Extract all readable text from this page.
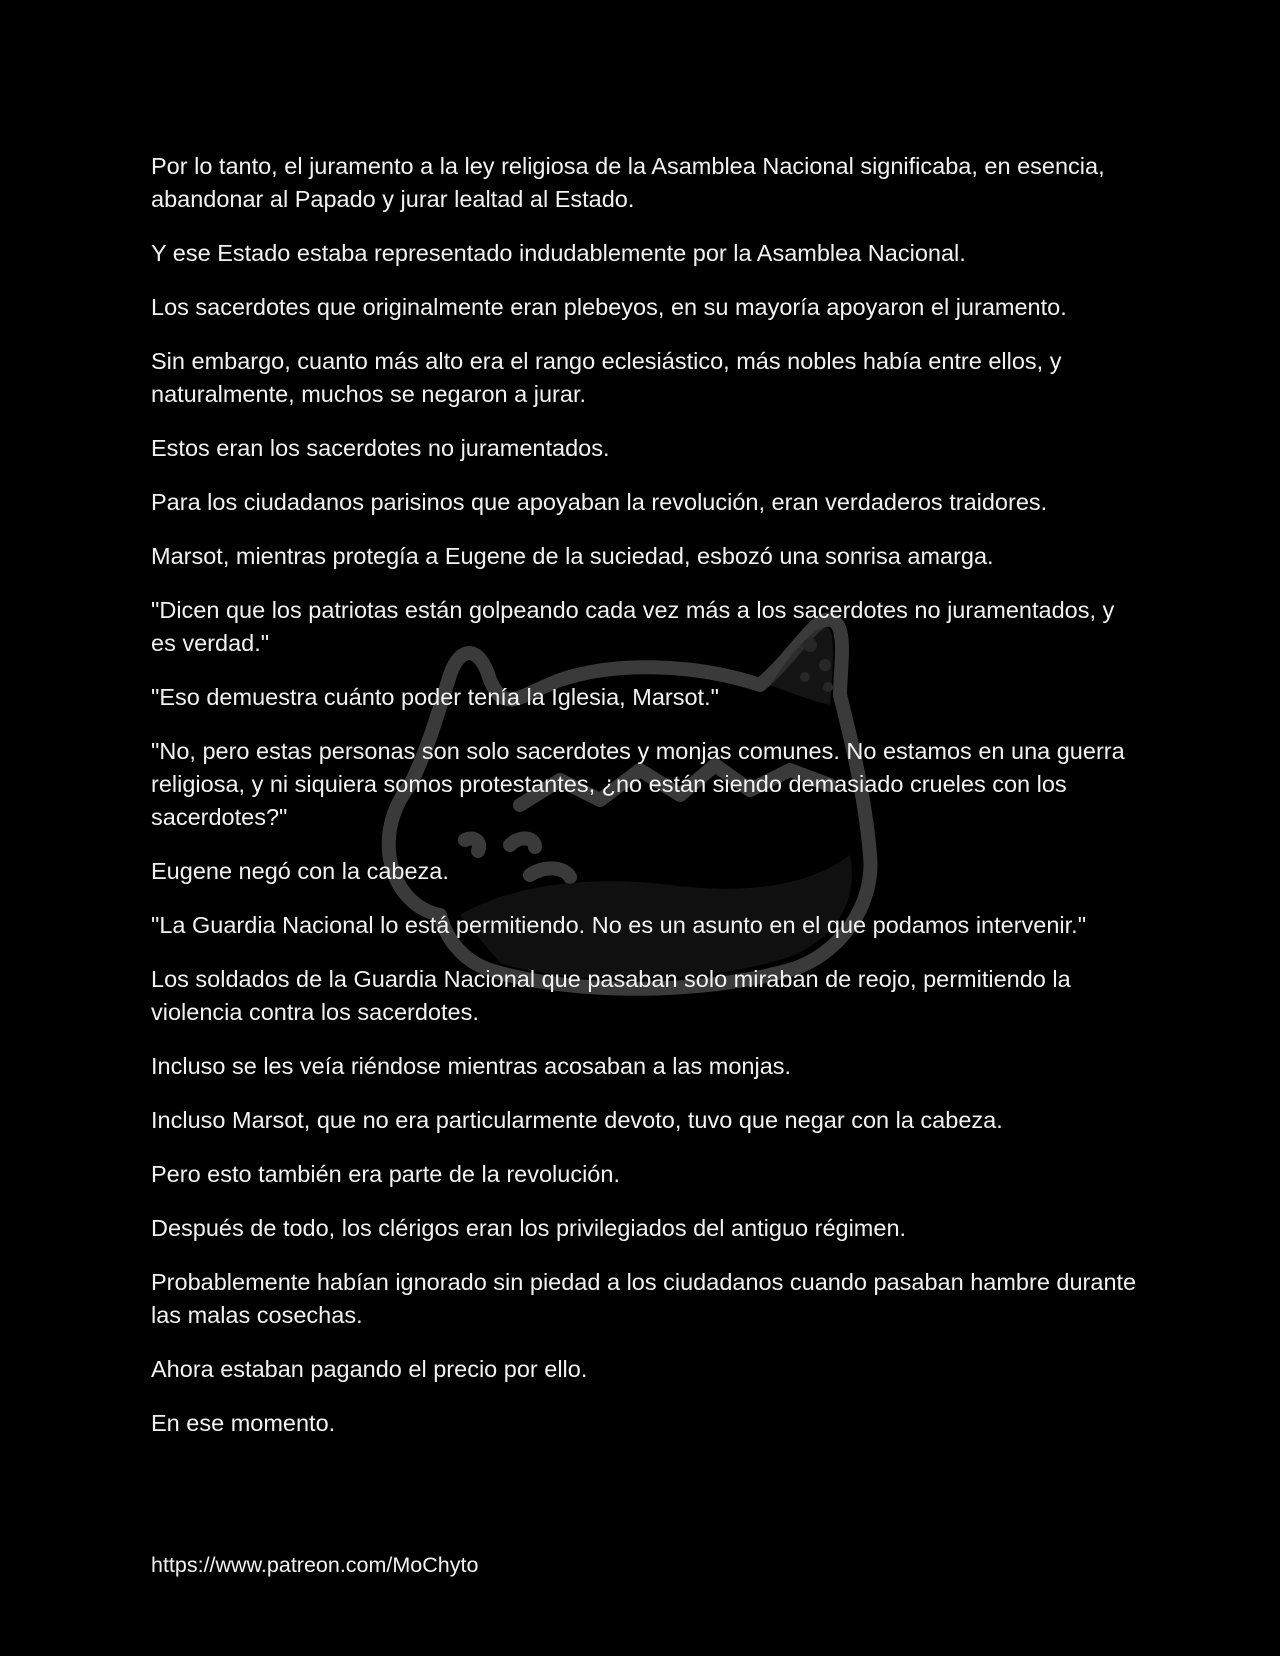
Por lo tanto, el juramento a la ley religiosa de la Asamblea Nacional significaba, en esencia, abandonar al Papado y jurar lealtad al Estado.

Y ese Estado estaba representado indudablemente por la Asamblea Nacional.

Los sacerdotes que originalmente eran plebeyos, en su mayoría apoyaron el juramento.

Sin embargo, cuanto más alto era el rango eclesiástico, más nobles había entre ellos, y naturalmente, muchos se negaron a jurar.

Estos eran los sacerdotes no juramentados.

Para los ciudadanos parisinos que apoyaban la revolución, eran verdaderos traidores.

Marsot, mientras protegía a Eugene de la suciedad, esbozó una sonrisa amarga.

"Dicen que los patriotas están golpeando cada vez más a los sacerdotes no juramentados, y es verdad."

"Eso demuestra cuánto poder tenía la Iglesia, Marsot."

"No, pero estas personas son solo sacerdotes y monjas comunes. No estamos en una guerra religiosa, y ni siquiera somos protestantes, ¿no están siendo demasiado crueles con los sacerdotes?"

Eugene negó con la cabeza.

"La Guardia Nacional lo está permitiendo. No es un asunto en el que podamos intervenir."

Los soldados de la Guardia Nacional que pasaban solo miraban de reojo, permitiendo la violencia contra los sacerdotes.

Incluso se les veía riéndose mientras acosaban a las monjas.

Incluso Marsot, que no era particularmente devoto, tuvo que negar con la cabeza.

Pero esto también era parte de la revolución.

Después de todo, los clérigos eran los privilegiados del antiguo régimen.

Probablemente habían ignorado sin piedad a los ciudadanos cuando pasaban hambre durante las malas cosechas.

Ahora estaban pagando el precio por ello.

En ese momento.

https://www.patreon.com/MoChyto
